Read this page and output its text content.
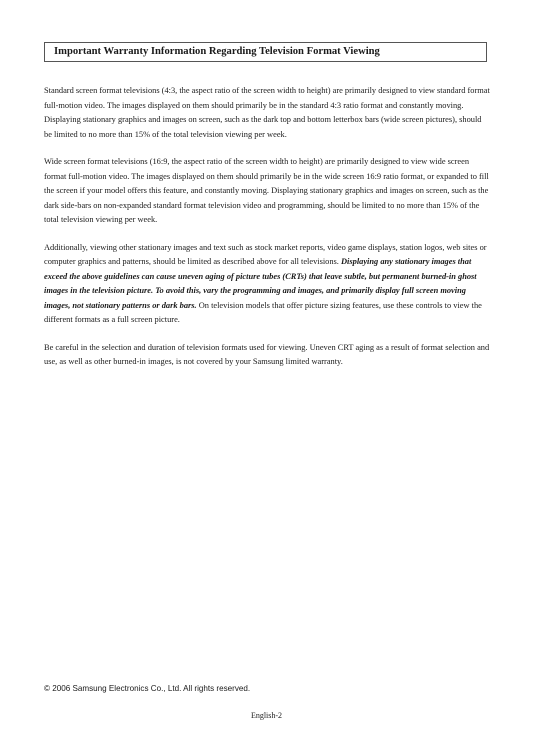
Important Warranty Information Regarding Television Format Viewing

Standard screen format televisions (4:3, the aspect ratio of the screen width to height) are primarily designed to view standard format full-motion video. The images displayed on them should primarily be in the standard 4:3 ratio format and constantly moving. Displaying stationary graphics and images on screen, such as the dark top and bottom letterbox bars (wide screen pictures), should be limited to no more than 15% of the total television viewing per week.

Wide screen format televisions (16:9, the aspect ratio of the screen width to height) are primarily designed to view wide screen format full-motion video. The images displayed on them should primarily be in the wide screen 16:9 ratio format, or expanded to fill the screen if your model offers this feature, and constantly moving. Displaying stationary graphics and images on screen, such as the dark side-bars on non-expanded standard format television video and programming, should be limited to no more than 15% of the total television viewing per week.

Additionally, viewing other stationary images and text such as stock market reports, video game displays, station logos, web sites or computer graphics and patterns, should be limited as described above for all televisions. Displaying any stationary images that exceed the above guidelines can cause uneven aging of picture tubes (CRTs) that leave subtle, but permanent burned-in ghost images in the television picture. To avoid this, vary the programming and images, and primarily display full screen moving images, not stationary patterns or dark bars. On television models that offer picture sizing features, use these controls to view the different formats as a full screen picture.

Be careful in the selection and duration of television formats used for viewing. Uneven CRT aging as a result of format selection and use, as well as other burned-in images, is not covered by your Samsung limited warranty.

© 2006 Samsung Electronics Co., Ltd. All rights reserved.
English-2
